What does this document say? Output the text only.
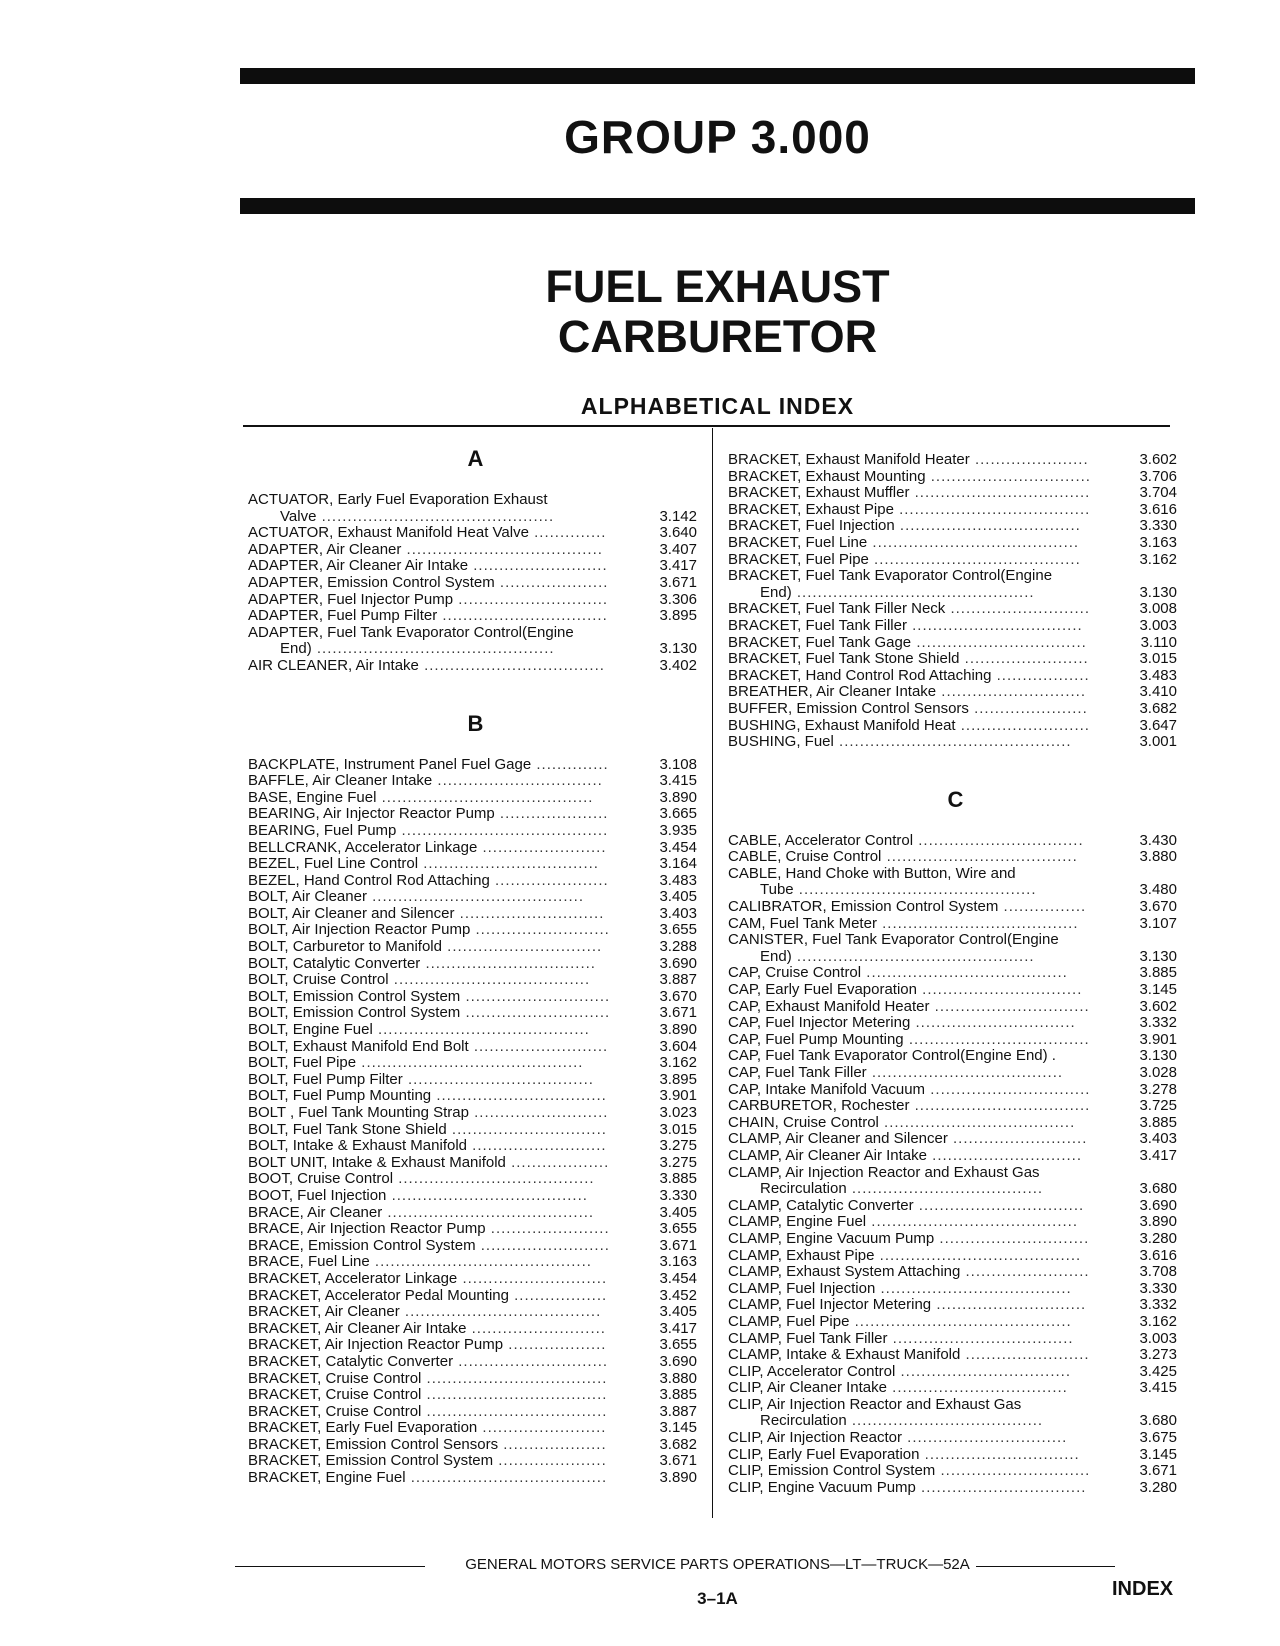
GROUP 3.000
FUEL EXHAUST
CARBURETOR
ALPHABETICAL INDEX
A
ACTUATOR, Early Fuel Evaporation Exhaust
Valve .............................................	3.142
ACTUATOR, Exhaust Manifold Heat Valve ..............	3.640
ADAPTER, Air Cleaner ......................................	3.407
ADAPTER, Air Cleaner Air Intake ..........................	3.417
ADAPTER, Emission Control System .....................	3.671
ADAPTER, Fuel Injector Pump .............................	3.306
ADAPTER, Fuel Pump Filter ................................	3.895
ADAPTER, Fuel Tank Evaporator Control(Engine
End) ..............................................	3.130
AIR CLEANER, Air Intake ...................................	3.402
B
BACKPLATE, Instrument Panel Fuel Gage ..............	3.108
BAFFLE, Air Cleaner Intake ................................	3.415
BASE, Engine Fuel .........................................	3.890
BEARING, Air Injector Reactor Pump .....................	3.665
BEARING, Fuel Pump ........................................	3.935
BELLCRANK, Accelerator Linkage ........................	3.454
BEZEL, Fuel Line Control ..................................	3.164
BEZEL, Hand Control Rod Attaching ......................	3.483
BOLT, Air Cleaner .........................................	3.405
BOLT, Air Cleaner and Silencer ............................	3.403
BOLT, Air Injection Reactor Pump ..........................	3.655
BOLT, Carburetor to Manifold ..............................	3.288
BOLT, Catalytic Converter .................................	3.690
BOLT, Cruise Control ......................................	3.887
BOLT, Emission Control System ............................	3.670
BOLT, Emission Control System ............................	3.671
BOLT, Engine Fuel .........................................	3.890
BOLT, Exhaust Manifold End Bolt ..........................	3.604
BOLT, Fuel Pipe ...........................................	3.162
BOLT, Fuel Pump Filter ....................................	3.895
BOLT, Fuel Pump Mounting .................................	3.901
BOLT , Fuel Tank Mounting Strap ..........................	3.023
BOLT, Fuel Tank Stone Shield ..............................	3.015
BOLT, Intake & Exhaust Manifold ..........................	3.275
BOLT UNIT, Intake & Exhaust Manifold ...................	3.275
BOOT, Cruise Control ......................................	3.885
BOOT, Fuel Injection ......................................	3.330
BRACE, Air Cleaner ........................................	3.405
BRACE, Air Injection Reactor Pump .......................	3.655
BRACE, Emission Control System .........................	3.671
BRACE, Fuel Line ..........................................	3.163
BRACKET, Accelerator Linkage ............................	3.454
BRACKET, Accelerator Pedal Mounting ..................	3.452
BRACKET, Air Cleaner ......................................	3.405
BRACKET, Air Cleaner Air Intake ..........................	3.417
BRACKET, Air Injection Reactor Pump ...................	3.655
BRACKET, Catalytic Converter .............................	3.690
BRACKET, Cruise Control ...................................	3.880
BRACKET, Cruise Control ...................................	3.885
BRACKET, Cruise Control ...................................	3.887
BRACKET, Early Fuel Evaporation ........................	3.145
BRACKET, Emission Control Sensors ....................	3.682
BRACKET, Emission Control System .....................	3.671
BRACKET, Engine Fuel ......................................	3.890
BRACKET, Exhaust Manifold Heater ......................	3.602
BRACKET, Exhaust Mounting ...............................	3.706
BRACKET, Exhaust Muffler ..................................	3.704
BRACKET, Exhaust Pipe .....................................	3.616
BRACKET, Fuel Injection ...................................	3.330
BRACKET, Fuel Line ........................................	3.163
BRACKET, Fuel Pipe ........................................	3.162
BRACKET, Fuel Tank Evaporator Control(Engine
End) ..............................................	3.130
BRACKET, Fuel Tank Filler Neck ...........................	3.008
BRACKET, Fuel Tank Filler .................................	3.003
BRACKET, Fuel Tank Gage .................................	3.110
BRACKET, Fuel Tank Stone Shield ........................	3.015
BRACKET, Hand Control Rod Attaching ..................	3.483
BREATHER, Air Cleaner Intake ............................	3.410
BUFFER, Emission Control Sensors ......................	3.682
BUSHING, Exhaust Manifold Heat .........................	3.647
BUSHING, Fuel .............................................	3.001
C
CABLE, Accelerator Control ................................	3.430
CABLE, Cruise Control .....................................	3.880
CABLE, Hand Choke with Button, Wire and
Tube ..............................................	3.480
CALIBRATOR, Emission Control System ................	3.670
CAM, Fuel Tank Meter ......................................	3.107
CANISTER, Fuel Tank Evaporator Control(Engine
End) ..............................................	3.130
CAP, Cruise Control .......................................	3.885
CAP, Early Fuel Evaporation ...............................	3.145
CAP, Exhaust Manifold Heater ..............................	3.602
CAP, Fuel Injector Metering ...............................	3.332
CAP, Fuel Pump Mounting ...................................	3.901
CAP, Fuel Tank Evaporator Control(Engine End) .	3.130
CAP, Fuel Tank Filler .....................................	3.028
CAP, Intake Manifold Vacuum ...............................	3.278
CARBURETOR, Rochester ..................................	3.725
CHAIN, Cruise Control .....................................	3.885
CLAMP, Air Cleaner and Silencer ..........................	3.403
CLAMP, Air Cleaner Air Intake .............................	3.417
CLAMP, Air Injection Reactor and Exhaust Gas
Recirculation .....................................	3.680
CLAMP, Catalytic Converter ................................	3.690
CLAMP, Engine Fuel ........................................	3.890
CLAMP, Engine Vacuum Pump .............................	3.280
CLAMP, Exhaust Pipe .......................................	3.616
CLAMP, Exhaust System Attaching ........................	3.708
CLAMP, Fuel Injection .....................................	3.330
CLAMP, Fuel Injector Metering .............................	3.332
CLAMP, Fuel Pipe ..........................................	3.162
CLAMP, Fuel Tank Filler ...................................	3.003
CLAMP, Intake & Exhaust Manifold ........................	3.273
CLIP, Accelerator Control .................................	3.425
CLIP, Air Cleaner Intake ..................................	3.415
CLIP, Air Injection Reactor and Exhaust Gas
Recirculation .....................................	3.680
CLIP, Air Injection Reactor ...............................	3.675
CLIP, Early Fuel Evaporation ..............................	3.145
CLIP, Emission Control System .............................	3.671
CLIP, Engine Vacuum Pump ................................	3.280
GENERAL MOTORS SERVICE PARTS OPERATIONS—LT—TRUCK—52A
3–1A	INDEX
